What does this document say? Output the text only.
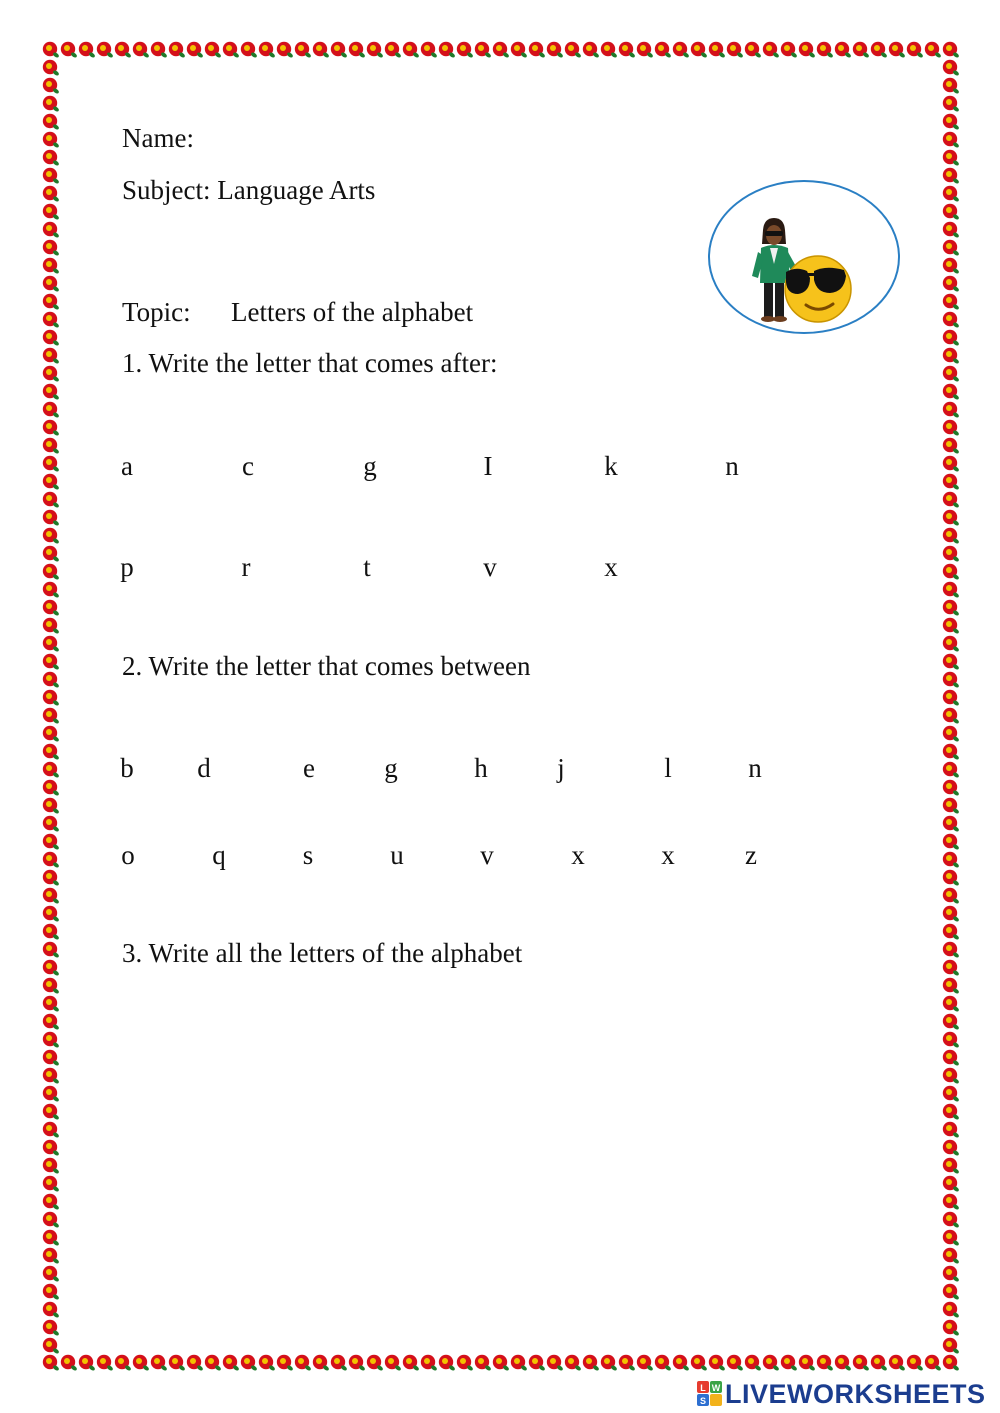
Name:

Subject: Language Arts

Topic: Letters of the alphabet

1. Write the letter that comes after:

a	c	g	I	k	n
p	r	t	v	x

2. Write the letter that comes between

b	d	e	g	h	j	l	n
o	q	s	u	v	x	x	z

3. Write all the letters of the alphabet

L W
S LIVEWORKSHEETS
